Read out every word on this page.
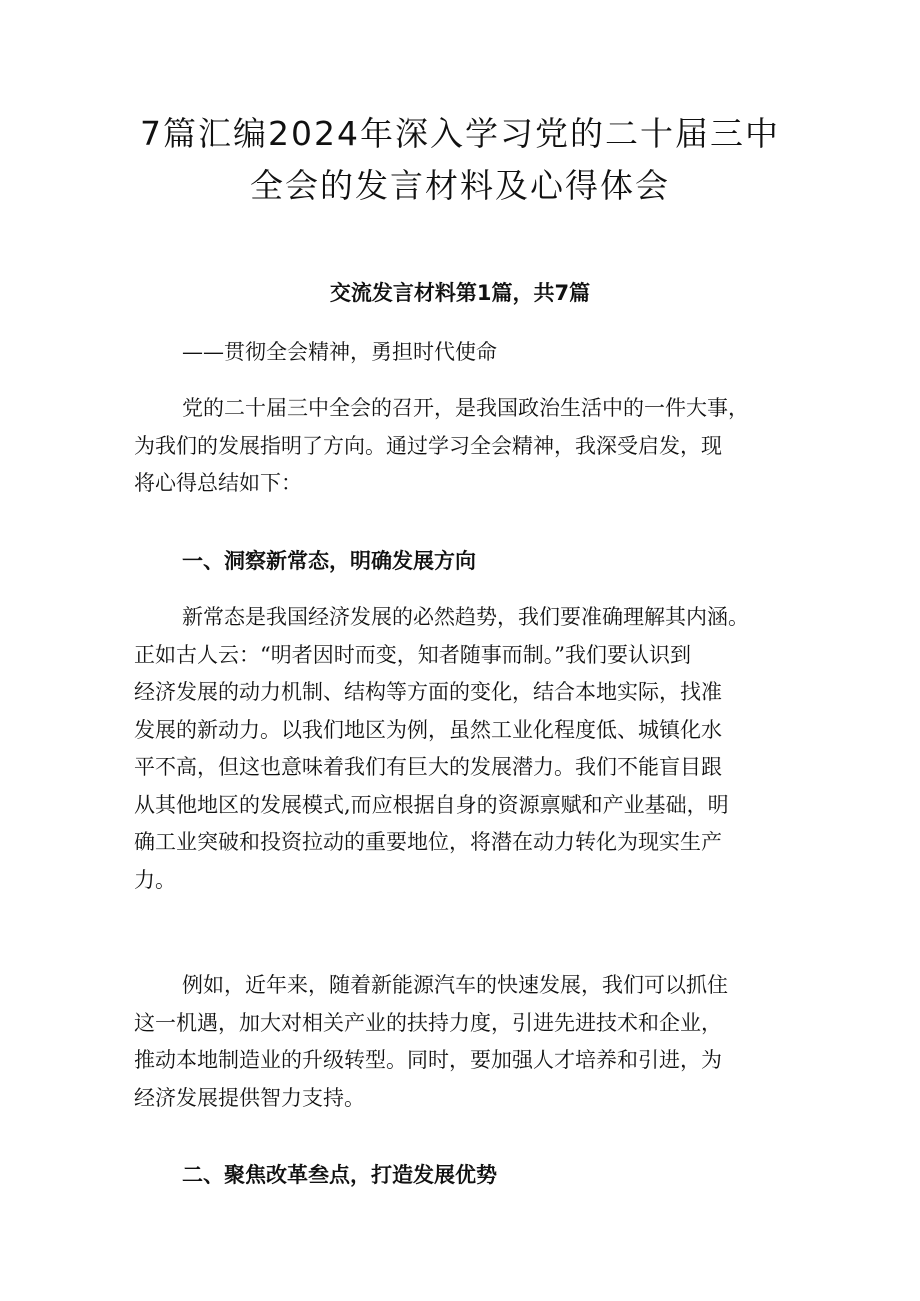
7篇汇编2024年深入学习党的二十届三中
全会的发言材料及心得体会
交流发言材料第1篇，共7篇
——贯彻全会精神，勇担时代使命
党的二十届三中全会的召开，是我国政治生活中的一件大事，
为我们的发展指明了方向。通过学习全会精神，我深受启发，现
将心得总结如下：
一、洞察新常态，明确发展方向
新常态是我国经济发展的必然趋势，我们要准确理解其内涵。
正如古人云：“明者因时而变，知者随事而制。”我们要认识到
经济发展的动力机制、结构等方面的变化，结合本地实际，找准
发展的新动力。以我们地区为例，虽然工业化程度低、城镇化水
平不高，但这也意味着我们有巨大的发展潜力。我们不能盲目跟
从其他地区的发展模式,而应根据自身的资源禀赋和产业基础，明
确工业突破和投资拉动的重要地位，将潜在动力转化为现实生产
力。
例如，近年来，随着新能源汽车的快速发展，我们可以抓住
这一机遇，加大对相关产业的扶持力度，引进先进技术和企业，
推动本地制造业的升级转型。同时，要加强人才培养和引进，为
经济发展提供智力支持。
二、聚焦改革叁点，打造发展优势
